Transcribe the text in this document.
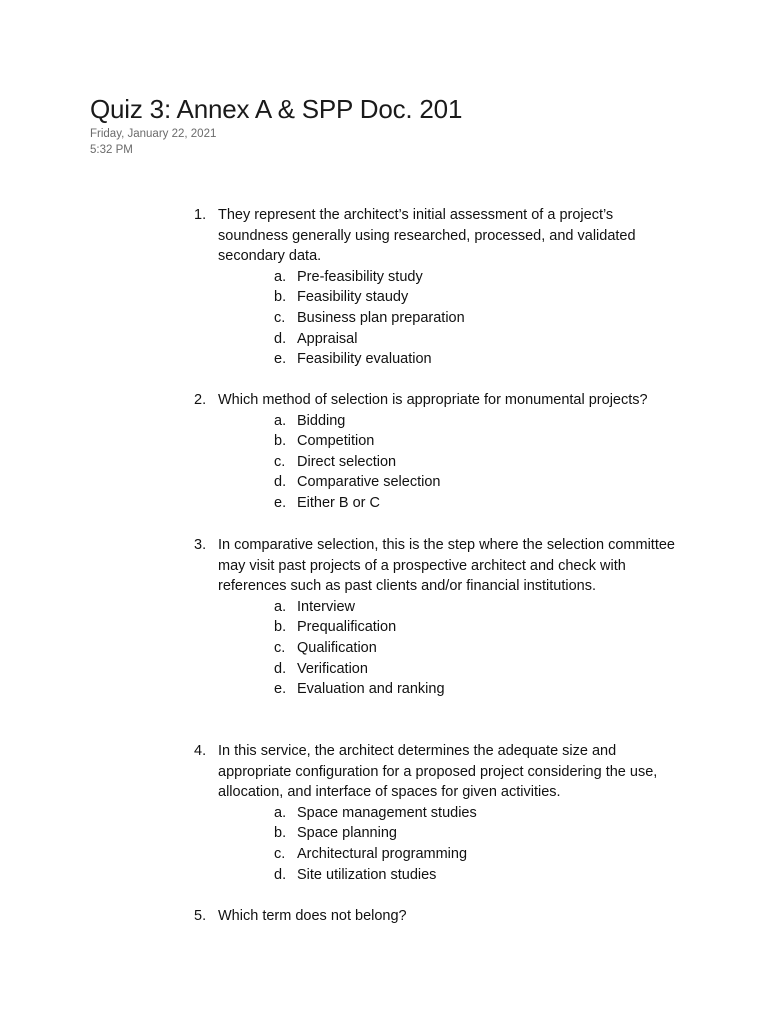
Quiz 3: Annex A & SPP Doc. 201
Friday, January 22, 2021
5:32 PM
1. They represent the architect’s initial assessment of a project’s soundness generally using researched, processed, and validated secondary data.
a. Pre-feasibility study
b. Feasibility staudy
c. Business plan preparation
d. Appraisal
e. Feasibility evaluation
2. Which method of selection is appropriate for monumental projects?
a. Bidding
b. Competition
c. Direct selection
d. Comparative selection
e. Either B or C
3. In comparative selection, this is the step where the selection committee may visit past projects of a prospective architect and check with references such as past clients and/or financial institutions.
a. Interview
b. Prequalification
c. Qualification
d. Verification
e. Evaluation and ranking
4. In this service, the architect determines the adequate size and appropriate configuration for a proposed project considering the use, allocation, and interface of spaces for given activities.
a. Space management studies
b. Space planning
c. Architectural programming
d. Site utilization studies
5. Which term does not belong?
